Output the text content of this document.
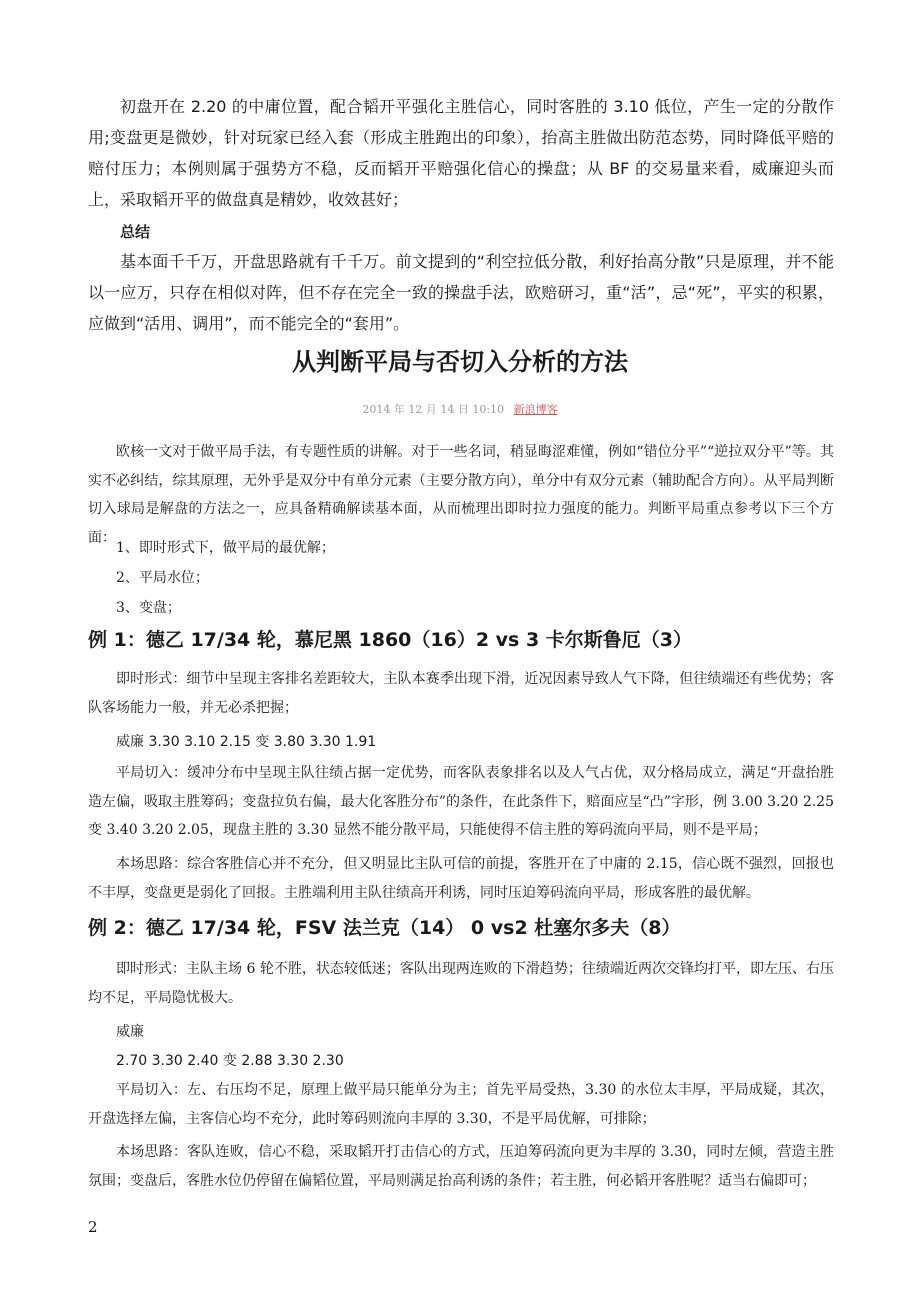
初盘开在 2.20 的中庸位置，配合韬开平强化主胜信心，同时客胜的 3.10 低位，产生一定的分散作用;变盘更是微妙，针对玩家已经入套（形成主胜跑出的印象），抬高主胜做出防范态势，同时降低平赔的赔付压力；本例则属于强势方不稳，反而韬开平赔强化信心的操盘；从 BF 的交易量来看，威廉迎头而上，采取韬开平的做盘真是精妙，收效甚好；

总结

基本面千千万，开盘思路就有千千万。前文提到的“利空拉低分散，利好抬高分散”只是原理，并不能以一应万，只存在相似对阵，但不存在完全一致的操盘手法，欧赔研习，重“活”，忌“死”，平实的积累，应做到“活用、调用”，而不能完全的“套用”。

从判断平局与否切入分析的方法

2014 年 12 月 14 日 10:10 新浪博客

欧核一文对于做平局手法，有专题性质的讲解。对于一些名词，稍显晦涩难懂，例如“错位分平”“逆拉双分平”等。其实不必纠结，综其原理，无外乎是双分中有单分元素（主要分散方向），单分中有双分元素（辅助配合方向）。从平局判断切入球局是解盘的方法之一，应具备精确解读基本面，从而梳理出即时拉力强度的能力。判断平局重点参考以下三个方面：

1、即时形式下，做平局的最优解；

2、平局水位；

3、变盘；

例 1：德乙 17/34 轮，慕尼黑 1860（16）2 vs 3 卡尔斯鲁厄（3）

即时形式：细节中呈现主客排名差距较大，主队本赛季出现下滑，近况因素导致人气下降，但往绩端还有些优势；客队客场能力一般，并无必杀把握；

威廉 3.30 3.10 2.15 变 3.80 3.30 1.91

平局切入：缓冲分布中呈现主队往绩占据一定优势，而客队表象排名以及人气占优，双分格局成立，满足“开盘抬胜造左偏，吸取主胜筹码；变盘拉负右偏，最大化客胜分布”的条件，在此条件下，赔面应呈“凸”字形，例 3.00 3.20 2.25 变 3.40 3.20 2.05，现盘主胜的 3.30 显然不能分散平局，只能使得不信主胜的筹码流向平局，则不是平局；

本场思路：综合客胜信心并不充分，但又明显比主队可信的前提，客胜开在了中庸的 2.15，信心既不强烈，回报也不丰厚，变盘更是弱化了回报。主胜端利用主队往绩高开利诱，同时压迫筹码流向平局，形成客胜的最优解。

例 2：德乙 17/34 轮，FSV 法兰克（14） 0 vs2 杜塞尔多夫（8）

即时形式：主队主场 6 轮不胜，状态较低迷；客队出现两连败的下滑趋势；往绩端近两次交锋均打平，即左压、右压均不足，平局隐忧极大。

威廉

2.70 3.30 2.40 变 2.88 3.30 2.30

平局切入：左、右压均不足，原理上做平局只能单分为主；首先平局受热，3.30 的水位太丰厚，平局成疑，其次，开盘选择左偏，主客信心均不充分，此时筹码则流向丰厚的 3.30，不是平局优解，可排除；

本场思路：客队连败，信心不稳，采取韬开打击信心的方式，压迫筹码流向更为丰厚的 3.30，同时左倾，营造主胜氛围；变盘后，客胜水位仍停留在偏韬位置，平局则满足抬高利诱的条件；若主胜，何必韬开客胜呢？适当右偏即可；

2
